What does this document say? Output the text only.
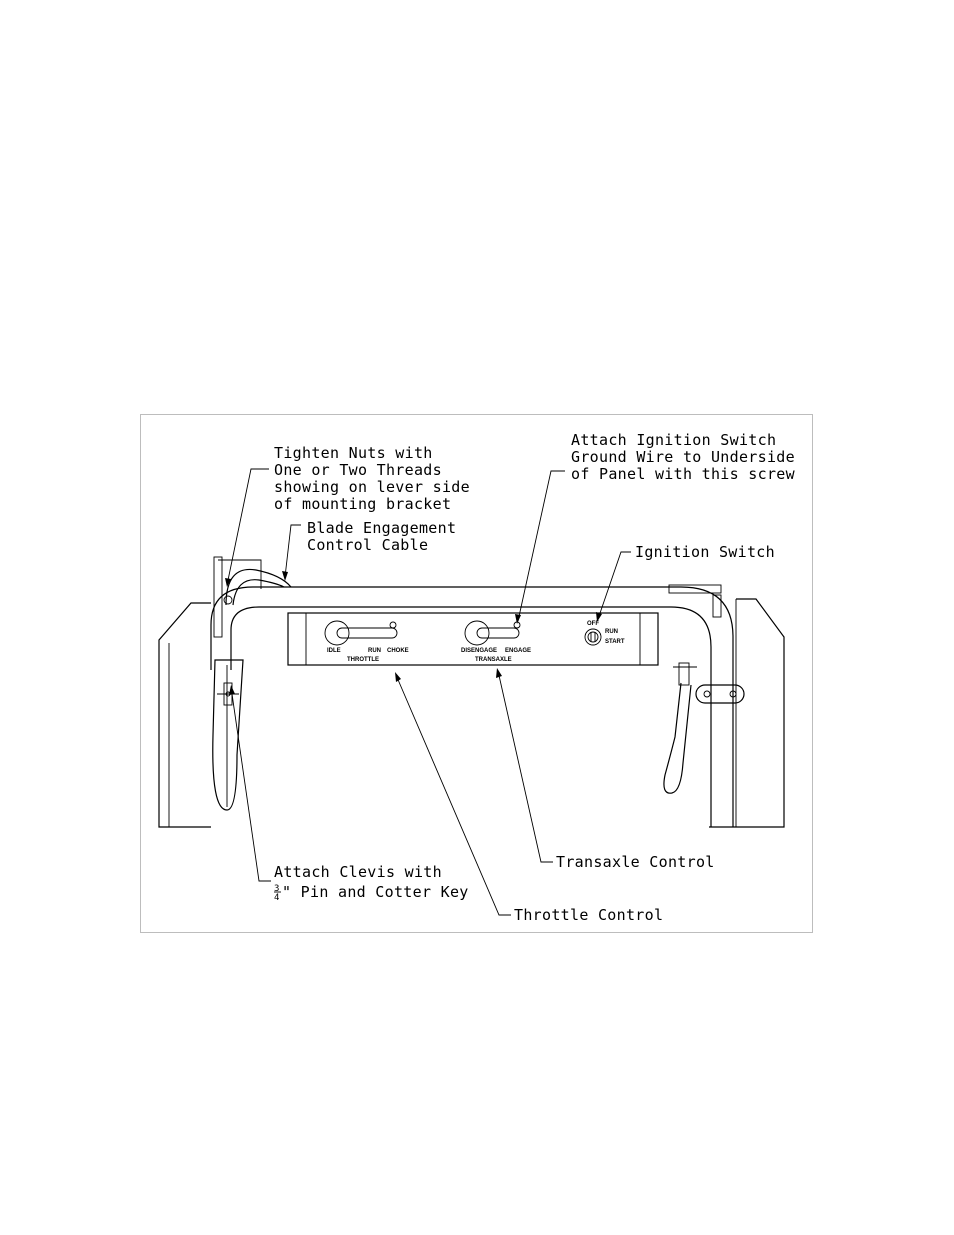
IDLE	RUN CHOKE
THROTTLE
DISENGAGE ENGAGE
TRANSAXLE
OFF
RUN
START
Tighten Nuts with
One or Two Threads
showing on lever side
of mounting bracket
Blade Engagement
Control Cable
Attach Ignition Switch
Ground Wire to Underside
of Panel with this screw
Ignition Switch
Attach Clevis with
3
4 " Pin and Cotter Key
Transaxle Control
Throttle Control
